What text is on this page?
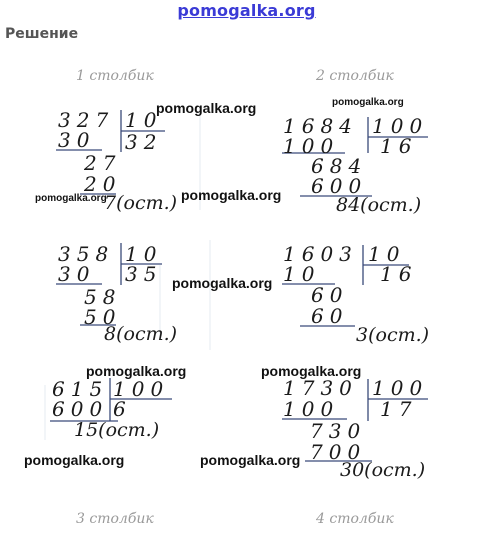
pomogalka.org
Решение
1 столбик	2 столбик
3 столбик	4 столбик
327 10
30 32
27
20
7(ост.)
1684 100
100 16
684
600
84(ост.)
358 10
30 35
58
50
8(ост.)
1603 10
10	16
60
60
3(ост.)
615 100
600 6
15(ост.)
1730 100
100 17
730
700
30(ост.)
pomogalka.org	pomogalka.org
pomogalka.org	pomogalka.org
pomogalka.org
pomogalka.org	pomogalka.org
pomogalka.org	pomogalka.org
